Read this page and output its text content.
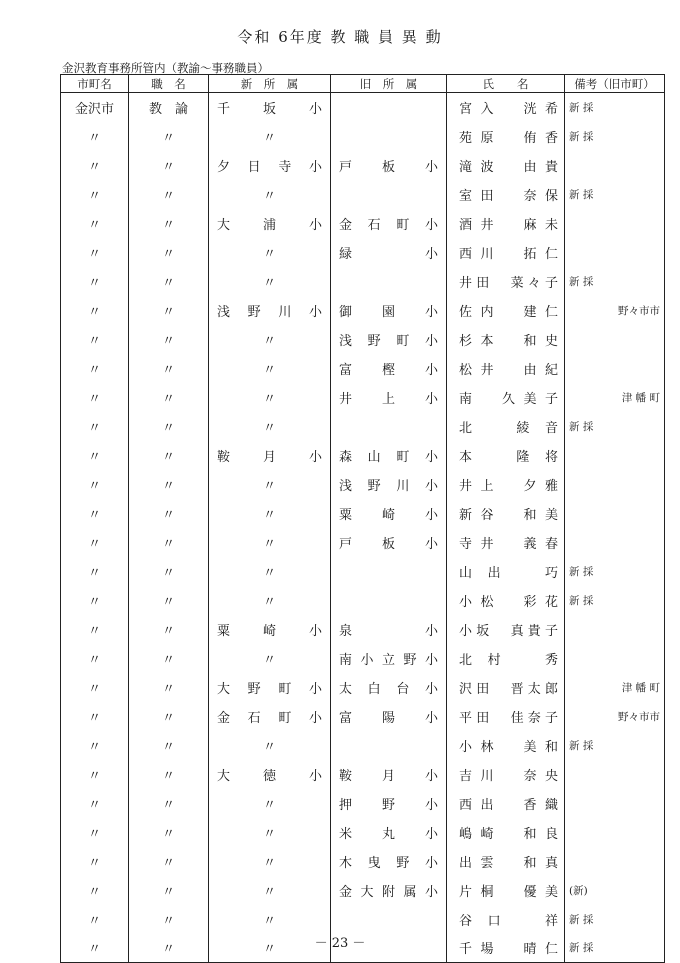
令和 6年度 教 職 員 異 動
金沢教育事務所管内（教諭〜事務職員）
市町名	職　名	新　所　属	旧　所　属	氏　　名	備考（旧市町）
金沢市	教　論	千　坂　小		宮入　洸希	新 採
〃	〃	〃		苑原　侑香	新 採
〃	〃	夕日寺小	戸　板　小	滝波　由貴	
〃	〃	〃		室田　奈保	新 採
〃	〃	大　浦　小	金石町小	酒井　麻未	
〃	〃	〃	緑　　　小	西川　拓仁	
〃	〃	〃		井田　菜々子	新 採
〃	〃	浅野川小	御　園　小	佐内　建仁	野々市市
〃	〃	〃	浅野町小	杉本　和史	
〃	〃	〃	富　樫　小	松井　由紀	
〃	〃	〃	井　上　小	南　久美子	津 幡 町
〃	〃	〃		北　綾音	新 採
〃	〃	鞍　月　小	森山町小	本　隆将	
〃	〃	〃	浅野川小	井上　夕雅	
〃	〃	〃	粟　崎　小	新谷　和美	
〃	〃	〃	戸　板　小	寺井　義春	
〃	〃	〃		山出　巧	新 採
〃	〃	〃		小松　彩花	新 採
〃	〃	粟　崎　小	泉　　　小	小坂　真貴子	
〃	〃	〃	南小立野小	北村　秀	
〃	〃	大野町小	太白台小	沢田　晋太郎	津 幡 町
〃	〃	金石町小	富　陽　小	平田　佳奈子	野々市市
〃	〃	〃		小林　美和	新 採
〃	〃	大　徳　小	鞍　月　小	吉川　奈央	
〃	〃	〃	押　野　小	西出　香織	
〃	〃	〃	米　丸　小	嶋崎　和良	
〃	〃	〃	木曳野小	出雲　和真	
〃	〃	〃	金大附属小	片桐　優美	(新)
〃	〃	〃		谷口　祥	新 採
〃	〃	〃		千場　晴仁	新 採
－ 23 －
